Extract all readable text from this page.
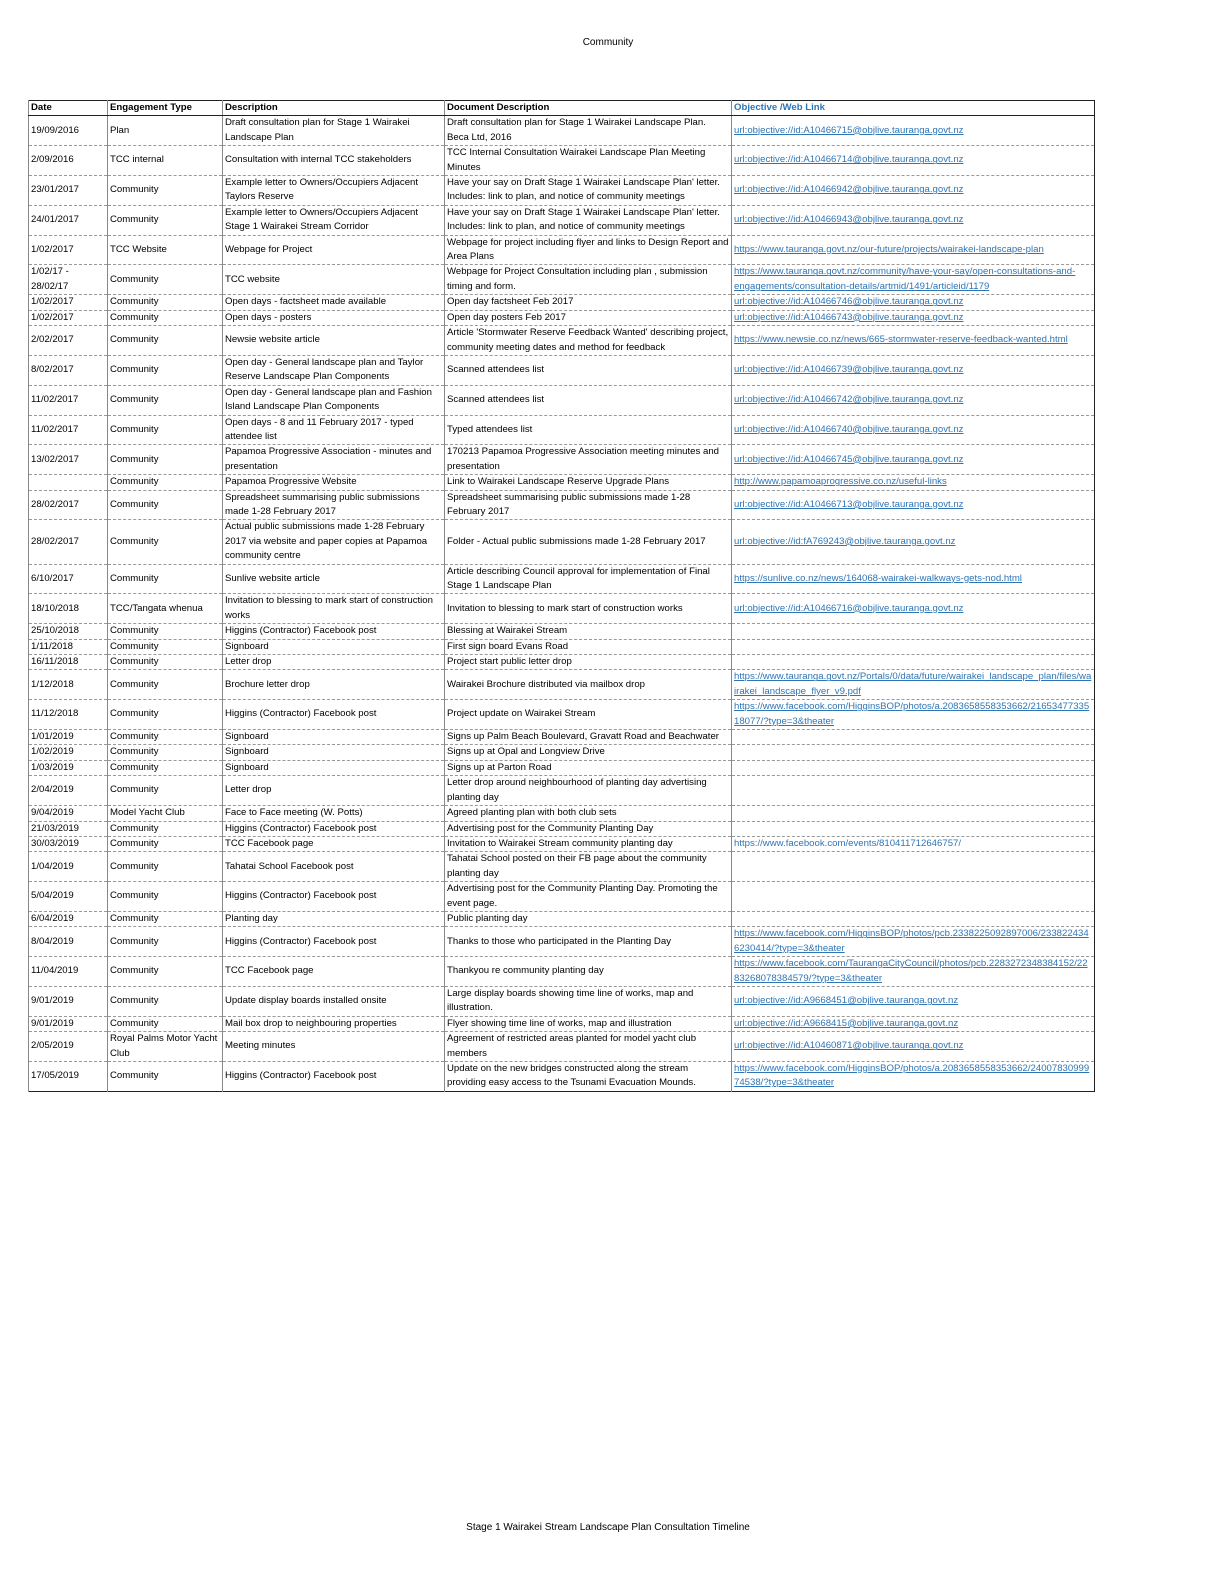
Community
Date	Engagement Type	Description	Document Description	Objective /Web Link
19/09/2016	Plan	Draft consultation plan for Stage 1 Wairakei Landscape Plan	Draft consultation plan for Stage 1 Wairakei Landscape Plan. Beca Ltd, 2016	url:objective://id:A10466715@objlive.tauranga.govt.nz
2/09/2016	TCC internal	Consultation with internal TCC stakeholders	TCC Internal Consultation Wairakei Landscape Plan Meeting Minutes	url:objective://id:A10466714@objlive.tauranga.govt.nz
23/01/2017	Community	Example letter to Owners/Occupiers Adjacent Taylors Reserve	Have your say on Draft Stage 1 Wairakei Landscape Plan' letter. Includes: link to plan, and notice of community meetings	url:objective://id:A10466942@objlive.tauranga.govt.nz
24/01/2017	Community	Example letter to Owners/Occupiers Adjacent Stage 1 Wairakei Stream Corridor	Have your say on Draft Stage 1 Wairakei Landscape Plan' letter. Includes: link to plan, and notice of community meetings	url:objective://id:A10466943@objlive.tauranga.govt.nz
1/02/2017	TCC Website	Webpage for Project	Webpage for project including flyer and links to Design Report and Area Plans	https://www.tauranga.govt.nz/our-future/projects/wairakei-landscape-plan
1/02/17 - 28/02/17	Community	TCC website	Webpage for Project Consultation including plan , submission timing and form.	https://www.tauranga.govt.nz/community/have-your-say/open-consultations-and-engagements/consultation-details/artmid/1491/articleid/1179
1/02/2017	Community	Open days - factsheet made available	Open day factsheet Feb 2017	url:objective://id:A10466746@objlive.tauranga.govt.nz
1/02/2017	Community	Open days - posters	Open day posters Feb 2017	url:objective://id:A10466743@objlive.tauranga.govt.nz
2/02/2017	Community	Newsie website article	Article 'Stormwater Reserve Feedback Wanted' describing project, community meeting dates and method for feedback	https://www.newsie.co.nz/news/665-stormwater-reserve-feedback-wanted.html
8/02/2017	Community	Open day - General landscape plan and Taylor Reserve Landscape Plan Components	Scanned attendees list	url:objective://id:A10466739@objlive.tauranga.govt.nz
11/02/2017	Community	Open day - General landscape plan and Fashion Island Landscape Plan Components	Scanned attendees list	url:objective://id:A10466742@objlive.tauranga.govt.nz
11/02/2017	Community	Open days - 8 and 11 February 2017 - typed attendee list	Typed attendees list	url:objective://id:A10466740@objlive.tauranga.govt.nz
13/02/2017	Community	Papamoa Progressive Association - minutes and presentation	170213 Papamoa Progressive Association meeting minutes and presentation	url:objective://id:A10466745@objlive.tauranga.govt.nz
	Community	Papamoa Progressive Website	Link to Wairakei Landscape Reserve Upgrade Plans	http://www.papamoaprogressive.co.nz/useful-links
28/02/2017	Community	Spreadsheet summarising public submissions made 1-28 February 2017	Spreadsheet summarising public submissions made 1-28 February 2017	url:objective://id:A10466713@objlive.tauranga.govt.nz
28/02/2017	Community	Actual public submissions made 1-28 February 2017 via website and paper copies at Papamoa community centre	Folder - Actual public submissions made 1-28 February 2017	url:objective://id:fA769243@objlive.tauranga.govt.nz
6/10/2017	Community	Sunlive website article	Article describing Council approval for implementation of Final Stage 1 Landscape Plan	https://sunlive.co.nz/news/164068-wairakei-walkways-gets-nod.html
18/10/2018	TCC/Tangata whenua	Invitation to blessing to mark start of construction works	Invitation to blessing to mark start of construction works	url:objective://id:A10466716@objlive.tauranga.govt.nz
25/10/2018	Community	Higgins (Contractor) Facebook post	Blessing at Wairakei Stream	
1/11/2018	Community	Signboard	First sign board Evans Road	
16/11/2018	Community	Letter drop	Project start public letter drop	
1/12/2018	Community	Brochure letter drop	Wairakei Brochure distributed via mailbox drop	https://www.tauranga.govt.nz/Portals/0/data/future/wairakei_landscape_plan/files/wairakei_landscape_flyer_v9.pdf
11/12/2018	Community	Higgins (Contractor) Facebook post	Project update on Wairakei Stream	https://www.facebook.com/HigginsBOP/photos/a.2083658558353662/2165347733518077/?type=3&theater
1/01/2019	Community	Signboard	Signs up Palm Beach Boulevard, Gravatt Road and Beachwater	
1/02/2019	Community	Signboard	Signs up at Opal and Longview Drive	
1/03/2019	Community	Signboard	Signs up at Parton Road	
2/04/2019	Community	Letter drop	Letter drop around neighbourhood of planting day advertising planting day	
9/04/2019	Model Yacht Club	Face to Face meeting (W. Potts)	Agreed planting plan with both club sets	
21/03/2019	Community	Higgins (Contractor) Facebook post	Advertising post for the Community Planting Day	
30/03/2019	Community	TCC Facebook page	Invitation to Wairakei Stream community planting day	https://www.facebook.com/events/810411712646757/
1/04/2019	Community	Tahatai School Facebook post	Tahatai School posted on their FB page about the community planting day	
5/04/2019	Community	Higgins (Contractor) Facebook post	Advertising post for the Community Planting Day. Promoting the event page.	
6/04/2019	Community	Planting day	Public planting day	
8/04/2019	Community	Higgins (Contractor) Facebook post	Thanks to those who participated in the Planting Day	https://www.facebook.com/HigginsBOP/photos/pcb.2338225092897006/2338224346230414/?type=3&theater
11/04/2019	Community	TCC Facebook page	Thankyou re community planting day	https://www.facebook.com/TaurangaCityCouncil/photos/pcb.2283272348384152/2283268078384579/?type=3&theater
9/01/2019	Community	Update display boards installed onsite	Large display boards showing time line of works, map and illustration.	url:objective://id:A9668451@objlive.tauranga.govt.nz
9/01/2019	Community	Mail box drop to neighbouring properties	Flyer showing time line of works, map and illustration	url:objective://id:A9668415@objlive.tauranga.govt.nz
2/05/2019	Royal Palms Motor Yacht Club	Meeting minutes	Agreement of restricted areas planted for model yacht club members	url:objective://id:A10460871@objlive.tauranga.govt.nz
17/05/2019	Community	Higgins (Contractor) Facebook post	Update on the new bridges constructed along the stream providing easy access to the Tsunami Evacuation Mounds.	https://www.facebook.com/HigginsBOP/photos/a.2083658558353662/2400783099974538/?type=3&theater
Stage 1 Wairakei Stream Landscape Plan Consultation Timeline
